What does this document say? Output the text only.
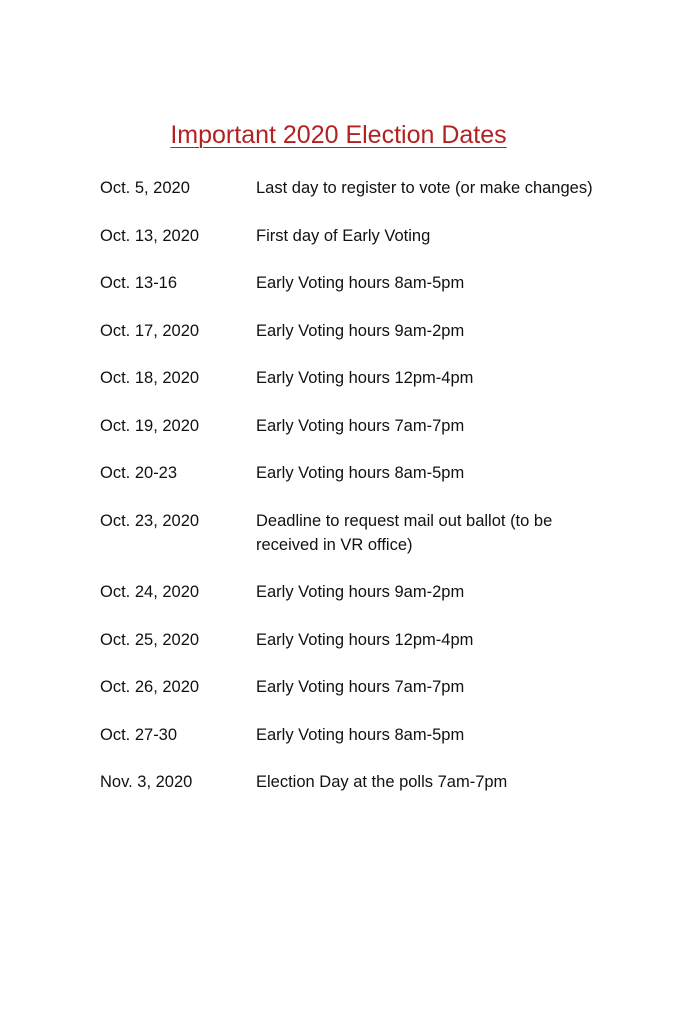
Important 2020 Election Dates
Oct. 5, 2020	Last day to register to vote (or make changes)
Oct. 13, 2020	First day of Early Voting
Oct. 13-16	Early Voting hours 8am-5pm
Oct. 17, 2020	Early Voting hours 9am-2pm
Oct. 18, 2020	Early Voting hours 12pm-4pm
Oct. 19, 2020	Early Voting hours 7am-7pm
Oct. 20-23	Early Voting hours 8am-5pm
Oct. 23, 2020	Deadline to request mail out ballot (to be received in VR office)
Oct. 24, 2020	Early Voting hours 9am-2pm
Oct. 25, 2020	Early Voting hours 12pm-4pm
Oct. 26, 2020	Early Voting hours 7am-7pm
Oct. 27-30	Early Voting hours 8am-5pm
Nov. 3, 2020	Election Day at the polls 7am-7pm
